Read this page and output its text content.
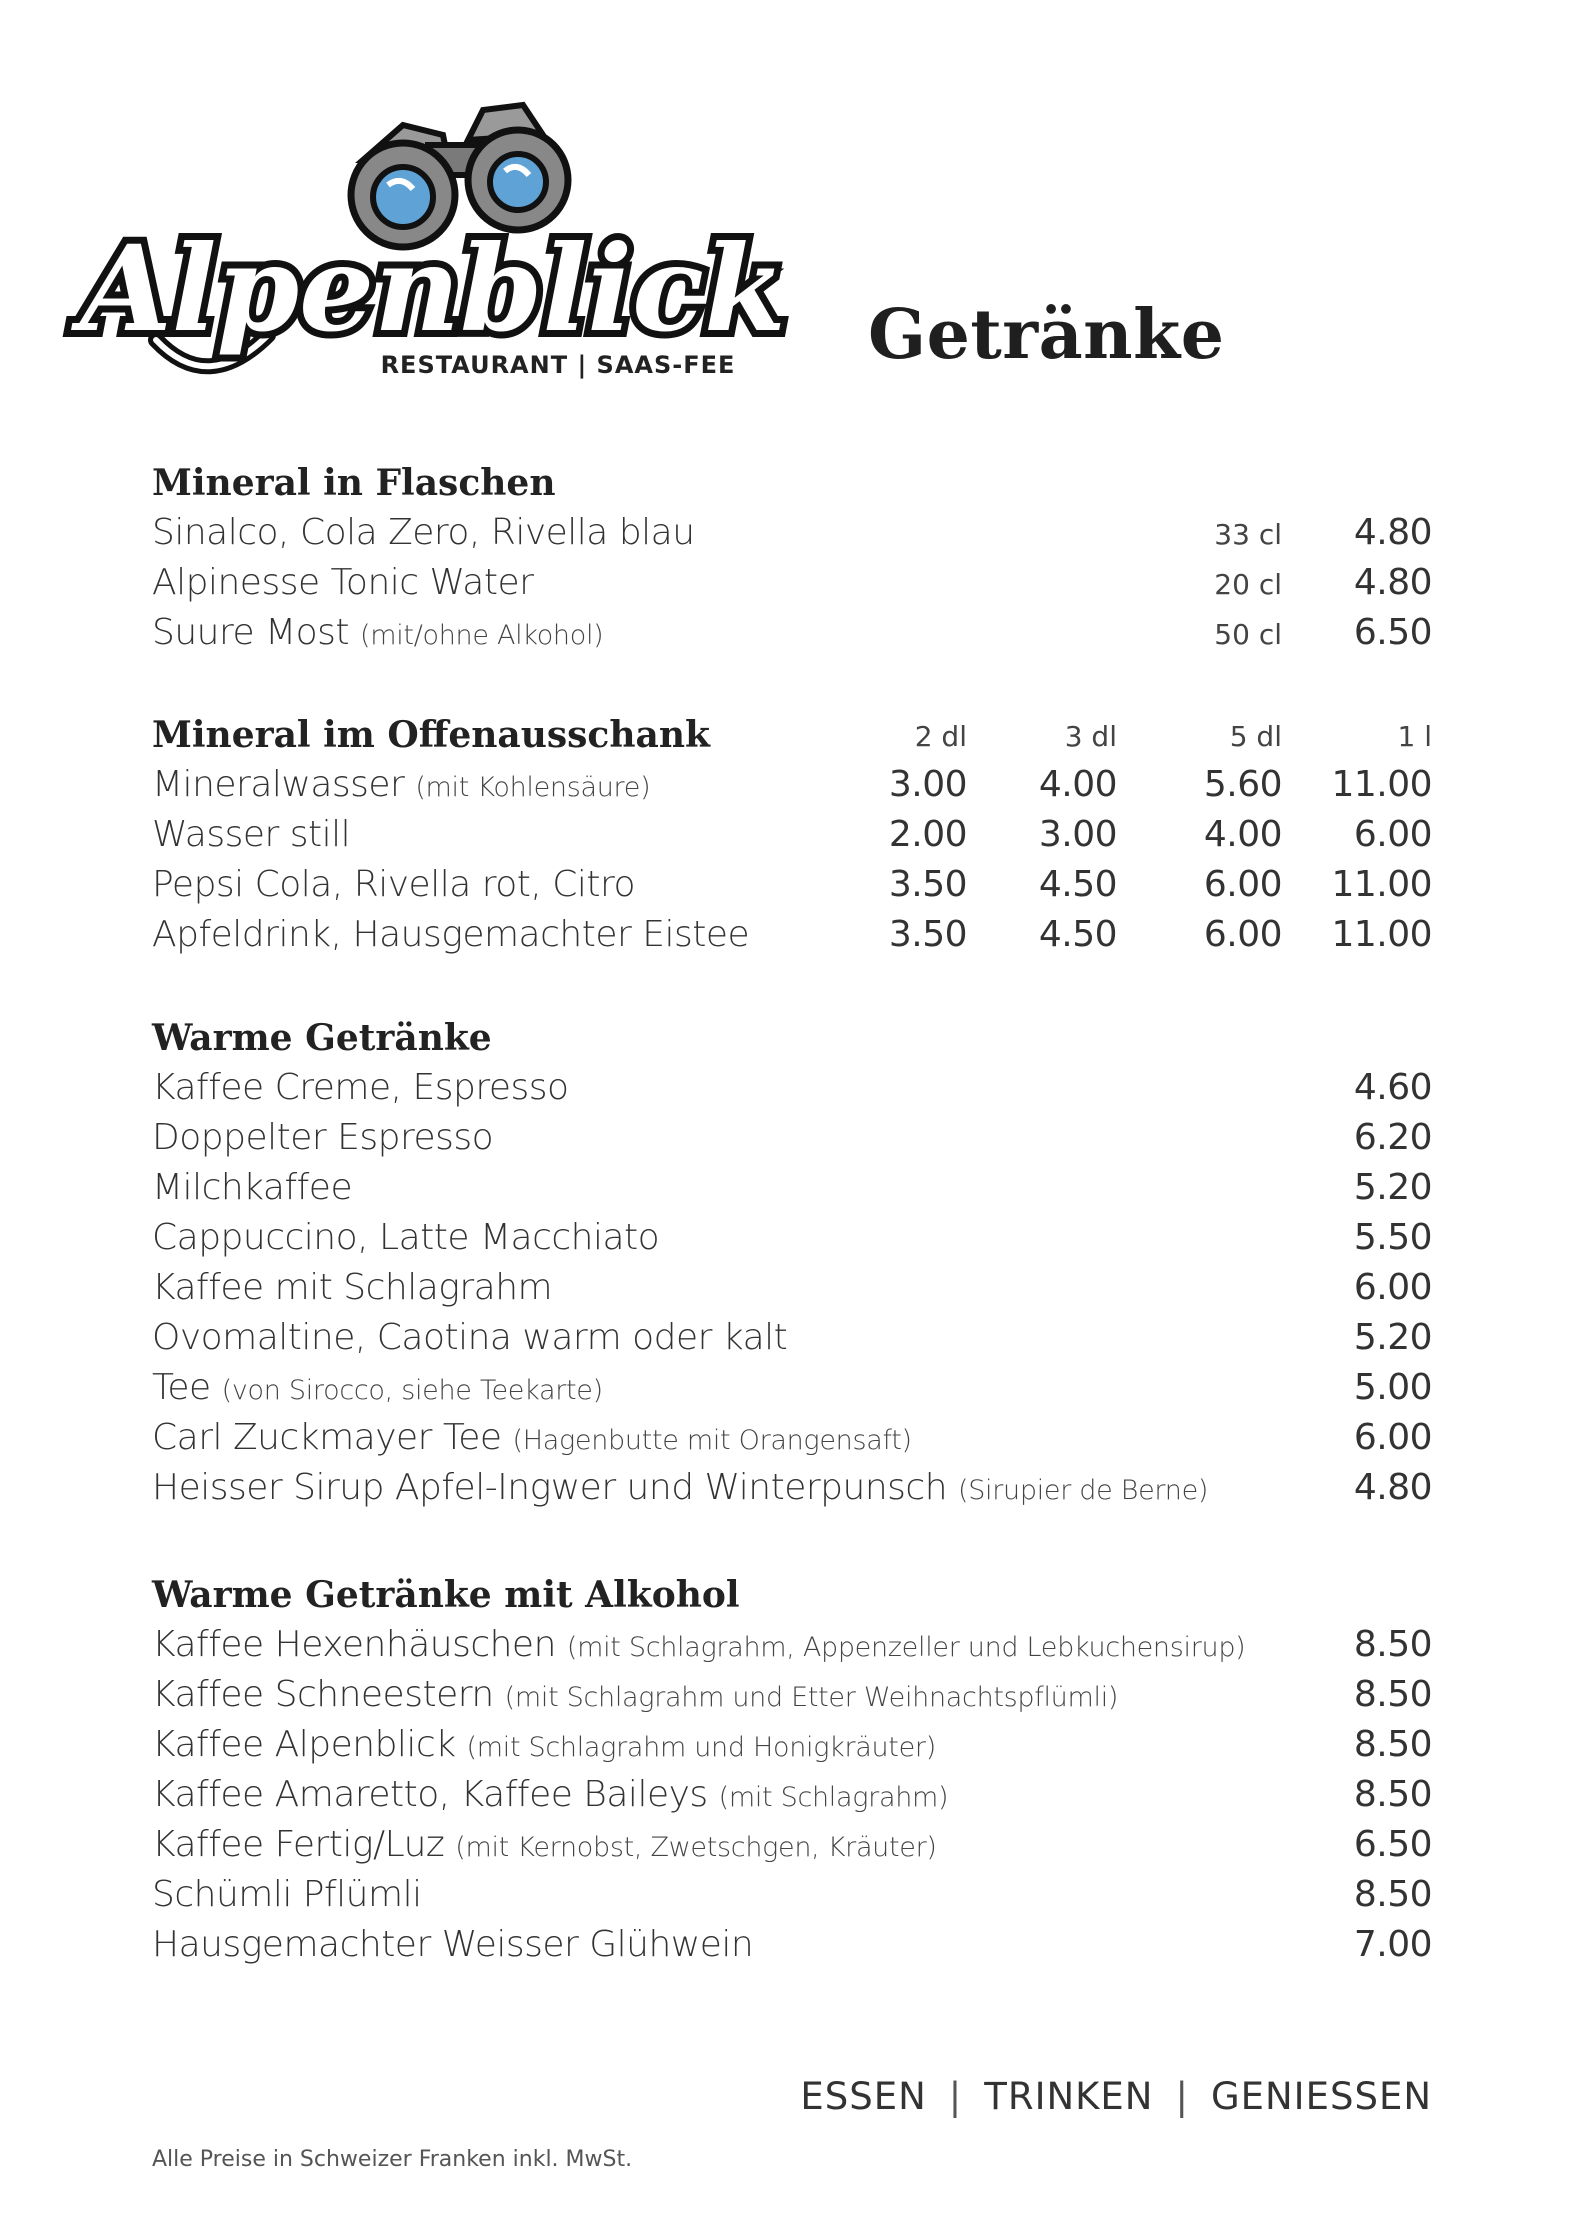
Alpenblick
RESTAURANT | SAAS-FEE Getränke
Mineral in Flaschen
Sinalco, Cola Zero, Rivella blau	33 cl 4.80
Alpinesse Tonic Water	20 cl 4.80
Suure Most (mit/ohne Alkohol)	50 cl 6.50
Mineral im Offenausschank	2 dl	3 dl	5 dl	1 l
Mineralwasser (mit Kohlensäure)	3.00 4.00 5.60 11.00
Wasser still	2.00 3.00 4.00 6.00
Pepsi Cola, Rivella rot, Citro	3.50 4.50 6.00 11.00
Apfeldrink, Hausgemachter Eistee	3.50 4.50 6.00 11.00
Warme Getränke
Kaffee Creme, Espresso	4.60
Doppelter Espresso	6.20
Milchkaffee	5.20
Cappuccino, Latte Macchiato	5.50
Kaffee mit Schlagrahm	6.00
Ovomaltine, Caotina warm oder kalt	5.20
Tee (von Sirocco, siehe Teekarte)	5.00
Carl Zuckmayer Tee (Hagenbutte mit Orangensaft)	6.00
Heisser Sirup Apfel-Ingwer und Winterpunsch (Sirupier de Berne)	4.80
Warme Getränke mit Alkohol
Kaffee Hexenhäuschen (mit Schlagrahm, Appenzeller und Lebkuchensirup)	8.50
Kaffee Schneestern (mit Schlagrahm und Etter Weihnachtspflümli)	8.50
Kaffee Alpenblick (mit Schlagrahm und Honigkräuter)	8.50
Kaffee Amaretto, Kaffee Baileys (mit Schlagrahm)	8.50
Kaffee Fertig/Luz (mit Kernobst, Zwetschgen, Kräuter)	6.50
Schümli Pflümli	8.50
Hausgemachter Weisser Glühwein	7.00
ESSEN | TRINKEN | GENIESSEN
Alle Preise in Schweizer Franken inkl. MwSt.
